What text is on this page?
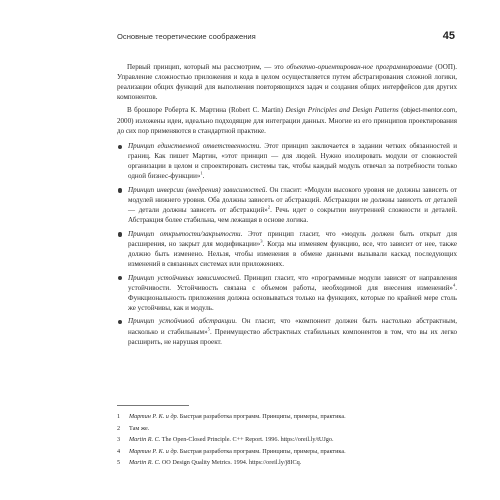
Основные теоретические соображения	45

Первый принцип, который мы рассмотрим, — это объектно-ориентирован-ное программирование (ООП). Управление сложностью приложения и кода в целом осуществляется путем абстрагирования сложной логики, реализации общих функций для выполнения повторяющихся задач и создания общих интерфейсов для других компонентов.

В брошюре Роберта К. Мартина (Robert C. Martin) Design Principles and Design Patterns (object-mentor.com, 2000) изложены идеи, идеально подходящие для интеграции данных. Многие из его принципов проектирования до сих пор применяются в стандартной практике.

Принцип единственной ответственности. Этот принцип заключается в задании четких обязанностей и границ. Как пишет Мартин, «этот принцип — для людей. Нужно изолировать модули от сложностей организации в целом и спроектировать системы так, чтобы каждый модуль отвечал за потребности только одной бизнес-функции»$^1$.
Принцип инверсии (внедрения) зависимостей. Он гласит: «Модули высокого уровня не должны зависеть от модулей нижнего уровня. Оба должны зависеть от абстракций. Абстракции не должны зависеть от деталей — детали должны зависеть от абстракций»$^2$. Речь идет о сокрытии внутренней сложности и деталей. Абстракция более стабильна, чем лежащая в основе логика.
Принцип открытости/закрытости. Этот принцип гласит, что «модуль должен быть открыт для расширения, но закрыт для модификации»$^3$. Когда мы изменяем функцию, все, что зависит от нее, также должно быть изменено. Нельзя, чтобы изменения в обмене данными вызывали каскад последующих изменений в связанных системах или приложениях.
Принцип устойчивых зависимостей. Принцип гласит, что «программные модули зависят от направления устойчивости. Устойчивость связана с объемом работы, необходимой для внесения изменений»$^4$. Функциональность приложения должна основываться только на функциях, которые по крайней мере столь же устойчивы, как и модуль.
Принцип устойчивой абстракции. Он гласит, что «компонент должен быть настолько абстрактным, насколько и стабильным»$^5$. Преимущество абстрактных стабильных компонентов в том, что вы их легко расширить, не нарушая проект.
1	Мартин Р. К. и др. Быстрая разработка программ. Принципы, примеры, практика.
2	Там же.
3	Martin R. C. The Open-Closed Principle. C++ Report. 1996. https://oreil.ly/tUJgo.
4	Мартин Р. К. и др. Быстрая разработка программ. Принципы, примеры, практика.
5	Martin R. C. OO Design Quality Metrics. 1994. https://oreil.ly/j8ICq.
